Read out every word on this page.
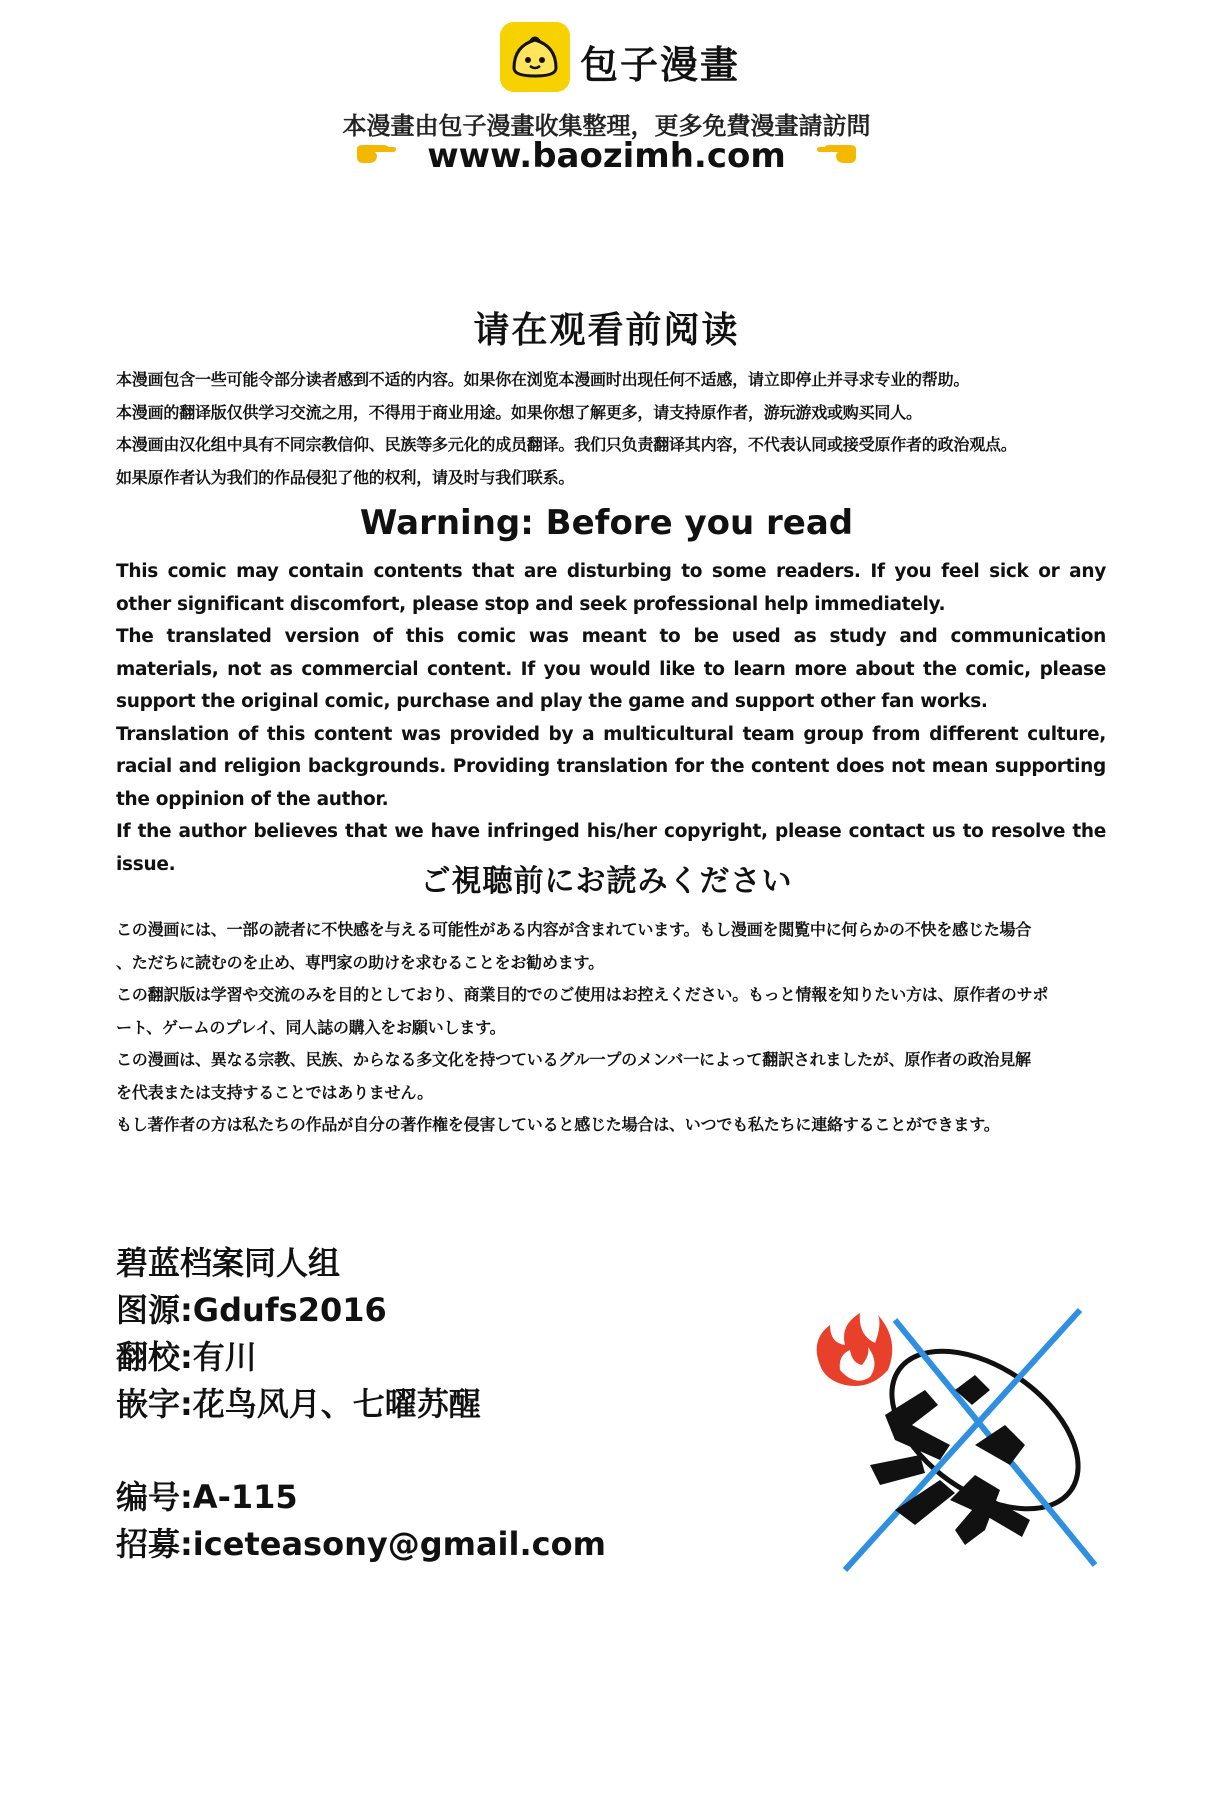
包子漫畫
本漫畫由包子漫畫收集整理，更多免費漫畫請訪問
www.baozimh.com
请在观看前阅读
本漫画包含一些可能令部分读者感到不适的内容。如果你在浏览本漫画时出现任何不适感，请立即停止并寻求专业的帮助。
本漫画的翻译版仅供学习交流之用，不得用于商业用途。如果你想了解更多，请支持原作者，游玩游戏或购买同人。
本漫画由汉化组中具有不同宗教信仰、民族等多元化的成员翻译。我们只负责翻译其内容，不代表认同或接受原作者的政治观点。
如果原作者认为我们的作品侵犯了他的权利，请及时与我们联系。
Warning: Before you read
This comic may contain contents that are disturbing to some readers. If you feel sick or any other significant discomfort, please stop and seek professional help immediately.
The translated version of this comic was meant to be used as study and communication materials, not as commercial content. If you would like to learn more about the comic, please support the original comic, purchase and play the game and support other fan works.
Translation of this content was provided by a multicultural team group from different culture, racial and religion backgrounds. Providing translation for the content does not mean supporting the oppinion of the author.
If the author believes that we have infringed his/her copyright, please contact us to resolve the issue.	ご視聴前にお読みください
この漫画には、一部の読者に不快感を与える可能性がある内容が含まれています。もし漫画を閲覧中に何らかの不快を感じた場合
、ただちに読むのを止め、専門家の助けを求むることをお勧めます。
この翻訳版は学習や交流のみを目的としており、商業目的でのご使用はお控えください。もっと情報を知りたい方は、原作者のサポ
ート、ゲームのプレイ、同人誌の購入をお願いします。
この漫画は、異なる宗教、民族、からなる多文化を持つているグル一プのメンバ一によって翻訳されましたが、原作者の政治見解
を代表または支持することではありません。
もし著作者の方は私たちの作品が自分の著作権を侵害していると感じた場合は、いつでも私たちに連絡することができます。
碧蓝档案同人组
图源:Gdufs2016
翻校:有川
嵌字:花鸟风月、七曜苏醒
编号:A-115
招募:iceteasony@gmail.com
